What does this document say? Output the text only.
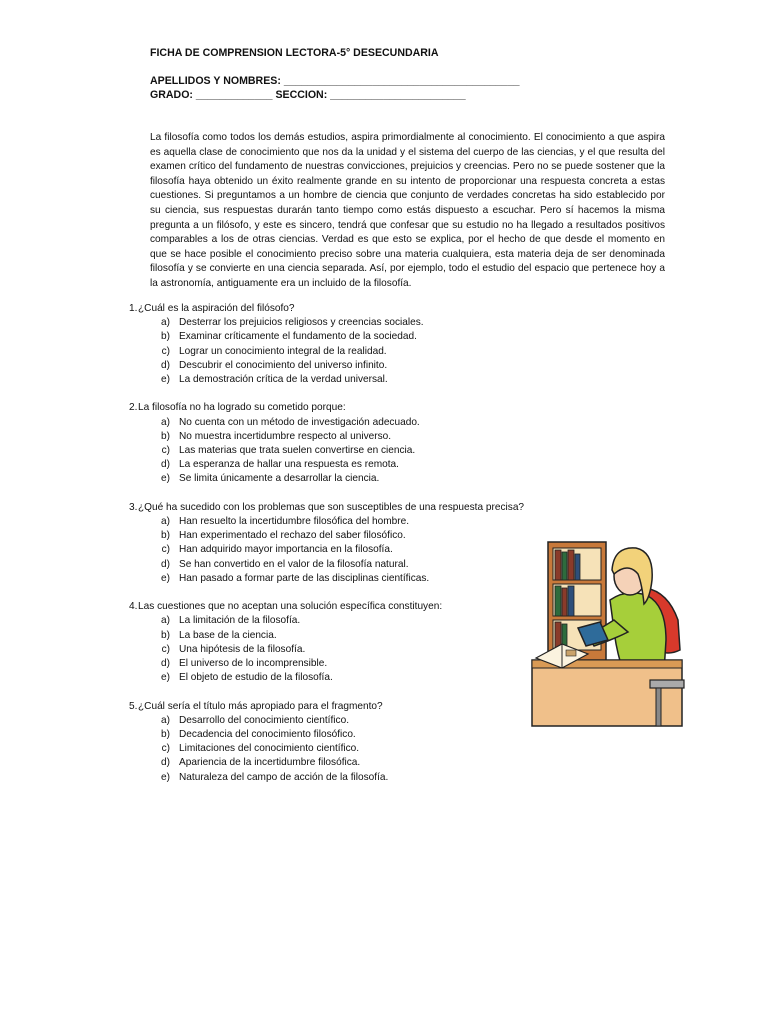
FICHA DE COMPRENSION LECTORA-5° DESECUNDARIA
APELLIDOS Y NOMBRES: ________________________________________
GRADO: _____________ SECCION: _______________________
La filosofía como todos los demás estudios, aspira primordialmente al conocimiento. El conocimiento a que aspira es aquella clase de conocimiento que nos da la unidad y el sistema del cuerpo de las ciencias, y el que resulta del examen crítico del fundamento de nuestras convicciones, prejuicios y creencias. Pero no se puede sostener que la filosofía haya obtenido un éxito realmente grande en su intento de proporcionar una respuesta concreta a estas cuestiones. Si preguntamos a un hombre de ciencia que conjunto de verdades concretas ha sido establecido por su ciencia, sus respuestas durarán tanto tiempo como estás dispuesto a escuchar. Pero sí hacemos la misma pregunta a un filósofo, y este es sincero, tendrá que confesar que su estudio no ha llegado a resultados positivos comparables a los de otras ciencias. Verdad es que esto se explica, por el hecho de que desde el momento en que se hace posible el conocimiento preciso sobre una materia cualquiera, esta materia deja de ser denominada filosofía y se convierte en una ciencia separada. Así, por ejemplo, todo el estudio del espacio que pertenece hoy a la astronomía, antiguamente era un incluido de la filosofía.
1. ¿Cuál es la aspiración del filósofo?
a) Desterrar los prejuicios religiosos y creencias sociales.
b) Examinar críticamente el fundamento de la sociedad.
c) Lograr un conocimiento integral de la realidad.
d) Descubrir el conocimiento del universo infinito.
e) La demostración crítica de la verdad universal.
2. La filosofía no ha logrado su cometido porque:
a) No cuenta con un método de investigación adecuado.
b) No muestra incertidumbre respecto al universo.
c) Las materias que trata suelen convertirse en ciencia.
d) La esperanza de hallar una respuesta es remota.
e) Se limita únicamente a desarrollar la ciencia.
3. ¿Qué ha sucedido con los problemas que son susceptibles de una respuesta precisa?
a) Han resuelto la incertidumbre filosófica del hombre.
b) Han experimentado el rechazo del saber filosófico.
c) Han adquirido mayor importancia en la filosofía.
d) Se han convertido en el valor de la filosofía natural.
e) Han pasado a formar parte de las disciplinas científicas.
4. Las cuestiones que no aceptan una solución específica constituyen:
a) La limitación de la filosofía.
b) La base de la ciencia.
c) Una hipótesis de la filosofía.
d) El universo de lo incomprensible.
e) El objeto de estudio de la filosofía.
5. ¿Cuál sería el título más apropiado para el fragmento?
a) Desarrollo del conocimiento científico.
b) Decadencia del conocimiento filosófico.
c) Limitaciones del conocimiento científico.
d) Apariencia de la incertidumbre filosófica.
e) Naturaleza del campo de acción de la filosofía.
